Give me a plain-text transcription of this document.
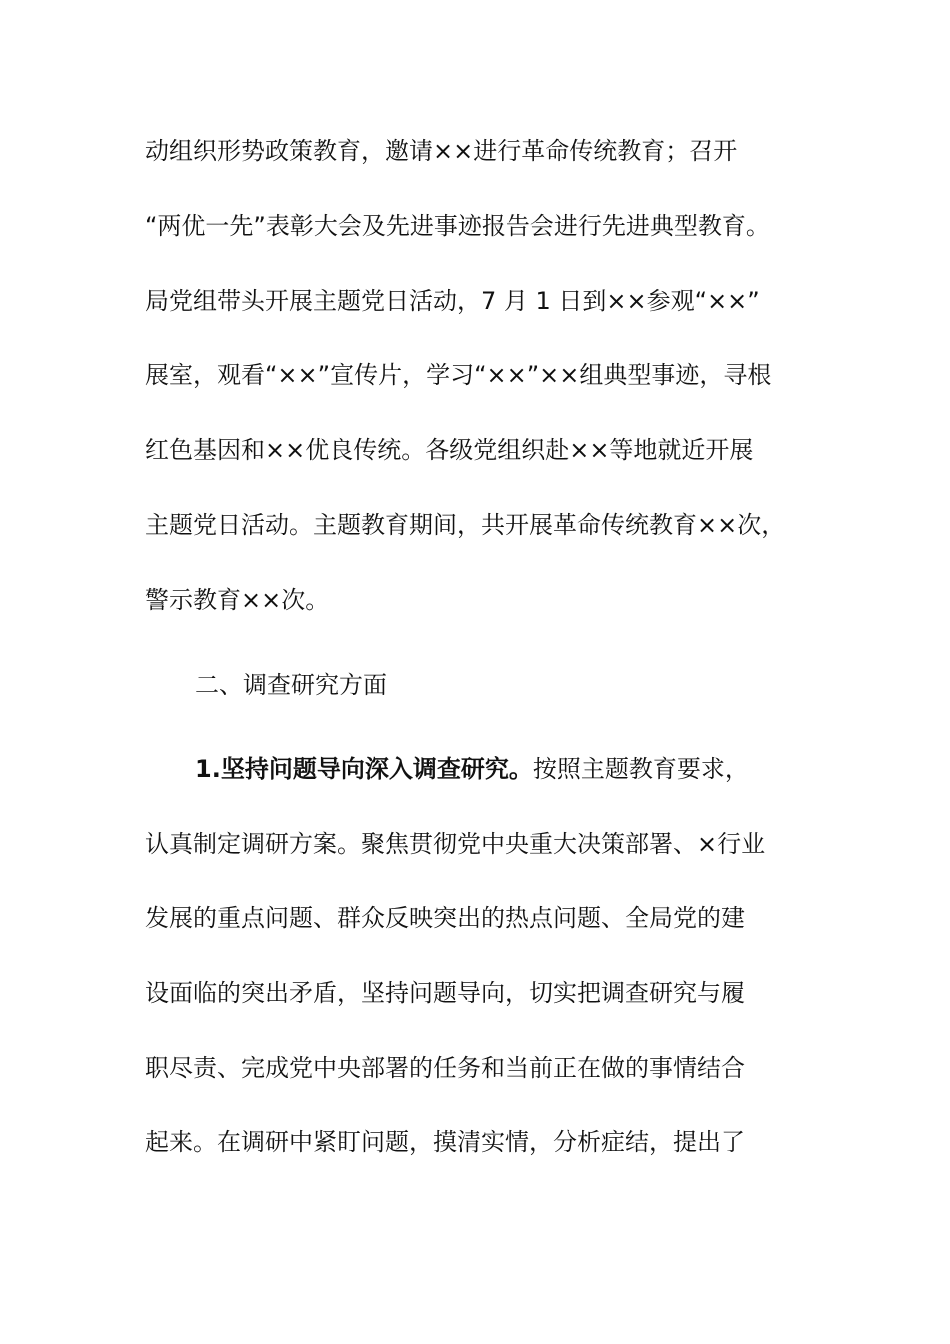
动组织形势政策教育，邀请××进行革命传统教育；召开
“两优一先”表彰大会及先进事迹报告会进行先进典型教育。
局党组带头开展主题党日活动，7 月 1 日到××参观“××”
展室，观看“××”宣传片，学习“××”××组典型事迹，寻根
红色基因和××优良传统。各级党组织赴××等地就近开展
主题党日活动。主题教育期间，共开展革命传统教育××次，
警示教育××次。
二、调查研究方面
1.坚持问题导向深入调查研究。按照主题教育要求，
认真制定调研方案。聚焦贯彻党中央重大决策部署、×行业
发展的重点问题、群众反映突出的热点问题、全局党的建
设面临的突出矛盾，坚持问题导向，切实把调查研究与履
职尽责、完成党中央部署的任务和当前正在做的事情结合
起来。在调研中紧盯问题，摸清实情，分析症结，提出了
